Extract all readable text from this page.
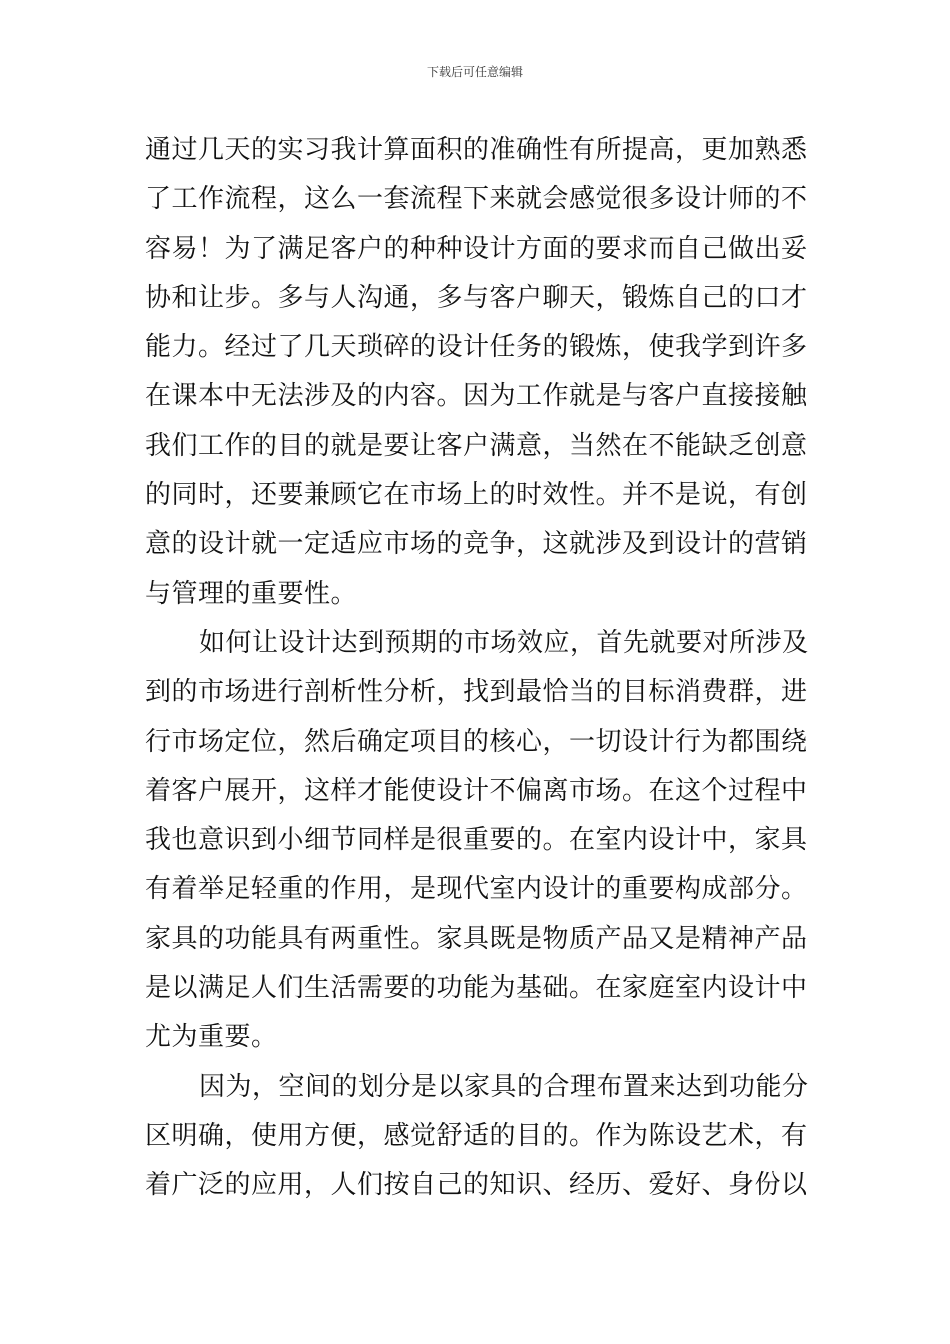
下载后可任意编辑
通过几天的实习我计算面积的准确性有所提高，更加熟悉
了工作流程，这么一套流程下来就会感觉很多设计师的不
容易！为了满足客户的种种设计方面的要求而自己做出妥
协和让步。多与人沟通，多与客户聊天，锻炼自己的口才
能力。经过了几天琐碎的设计任务的锻炼，使我学到许多
在课本中无法涉及的内容。因为工作就是与客户直接接触
我们工作的目的就是要让客户满意，当然在不能缺乏创意
的同时，还要兼顾它在市场上的时效性。并不是说，有创
意的设计就一定适应市场的竞争，这就涉及到设计的营销
与管理的重要性。
如何让设计达到预期的市场效应，首先就要对所涉及
到的市场进行剖析性分析，找到最恰当的目标消费群，进
行市场定位，然后确定项目的核心，一切设计行为都围绕
着客户展开，这样才能使设计不偏离市场。在这个过程中
我也意识到小细节同样是很重要的。在室内设计中，家具
有着举足轻重的作用，是现代室内设计的重要构成部分。
家具的功能具有两重性。家具既是物质产品又是精神产品
是以满足人们生活需要的功能为基础。在家庭室内设计中
尤为重要。
因为，空间的划分是以家具的合理布置来达到功能分
区明确，使用方便，感觉舒适的目的。作为陈设艺术，有
着广泛的应用，人们按自己的知识、经历、爱好、身份以
